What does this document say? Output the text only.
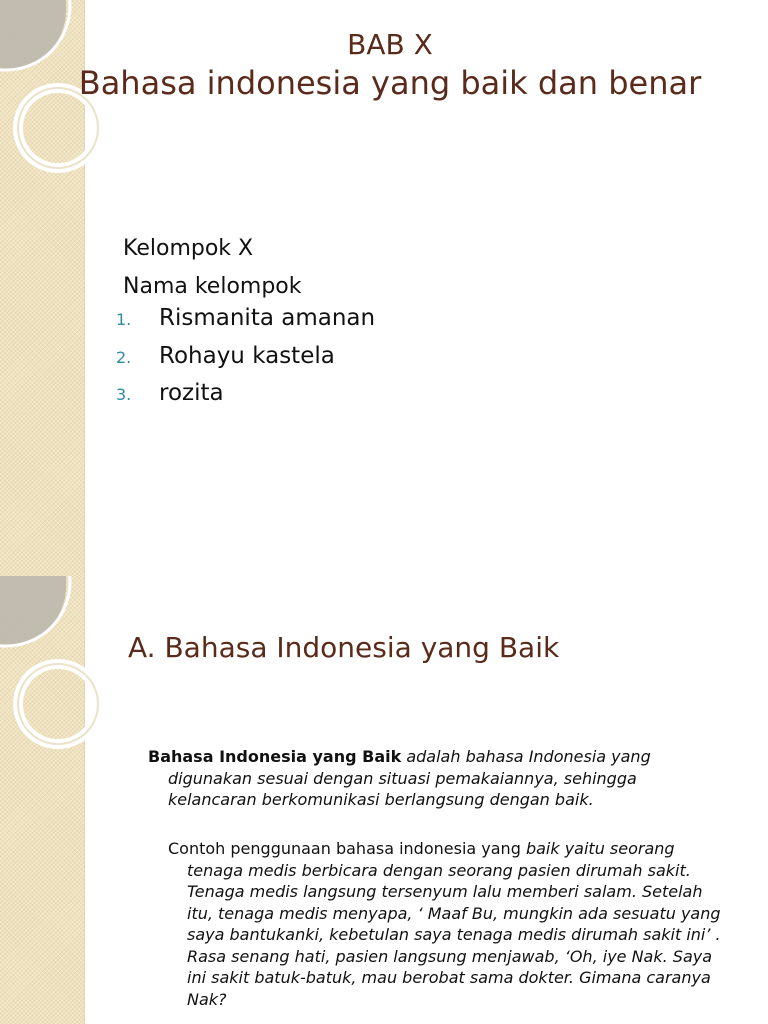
BAB X
Bahasa indonesia yang baik dan benar
Kelompok X
Nama kelompok
1.	Rismanita amanan
2.	Rohayu kastela
3.	rozita
A. Bahasa Indonesia yang Baik

Bahasa Indonesia yang Baik adalah bahasa Indonesia yang digunakan sesuai dengan situasi pemakaiannya, sehingga kelancaran berkomunikasi berlangsung dengan baik.

Contoh penggunaan bahasa indonesia yang baik yaitu seorang tenaga medis berbicara dengan seorang pasien dirumah sakit. Tenaga medis langsung tersenyum lalu memberi salam. Setelah itu, tenaga medis menyapa, ‘ Maaf Bu, mungkin ada sesuatu yang saya bantukanki, kebetulan saya tenaga medis dirumah sakit ini’ . Rasa senang hati, pasien langsung menjawab, ‘Oh, iye Nak. Saya ini sakit batuk-batuk, mau berobat sama dokter. Gimana caranya Nak?
